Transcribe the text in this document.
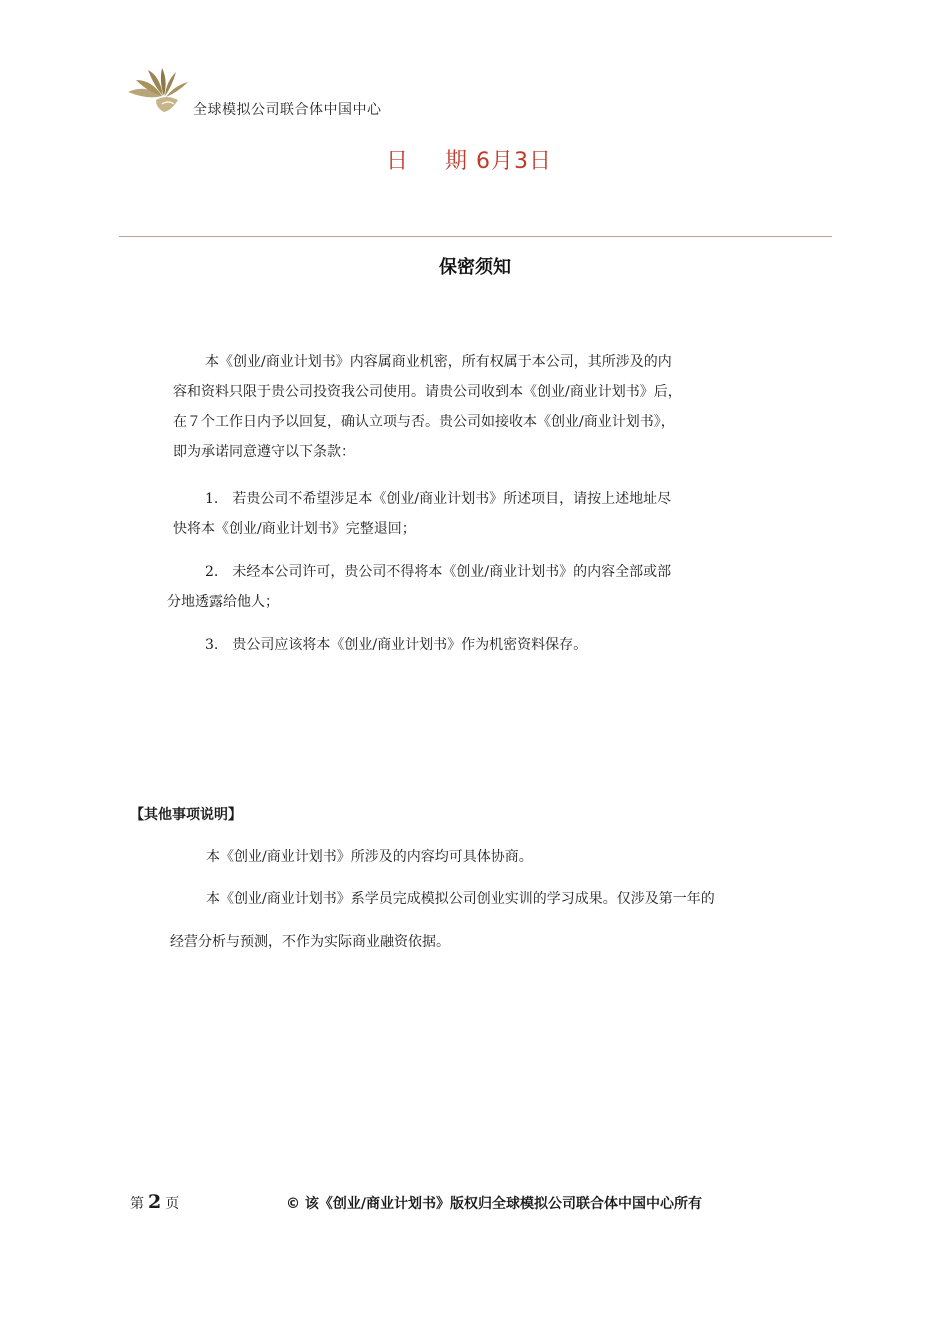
全球模拟公司联合体中国中心
日 期 6月3日
保密须知
本《创业/商业计划书》内容属商业机密，所有权属于本公司，其所涉及的内
容和资料只限于贵公司投资我公司使用。请贵公司收到本《创业/商业计划书》后，
在７个工作日内予以回复，确认立项与否。贵公司如接收本《创业/商业计划书》，
即为承诺同意遵守以下条款：
1.　若贵公司不希望涉足本《创业/商业计划书》所述项目，请按上述地址尽
快将本《创业/商业计划书》完整退回；
2.　未经本公司许可，贵公司不得将本《创业/商业计划书》的内容全部或部
分地透露给他人；
3.　贵公司应该将本《创业/商业计划书》作为机密资料保存。
【其他事项说明】
本《创业/商业计划书》所涉及的内容均可具体协商。
本《创业/商业计划书》系学员完成模拟公司创业实训的学习成果。仅涉及第一年的
经营分析与预测，不作为实际商业融资依据。
第 2 页	© 该《创业/商业计划书》版权归全球模拟公司联合体中国中心所有
